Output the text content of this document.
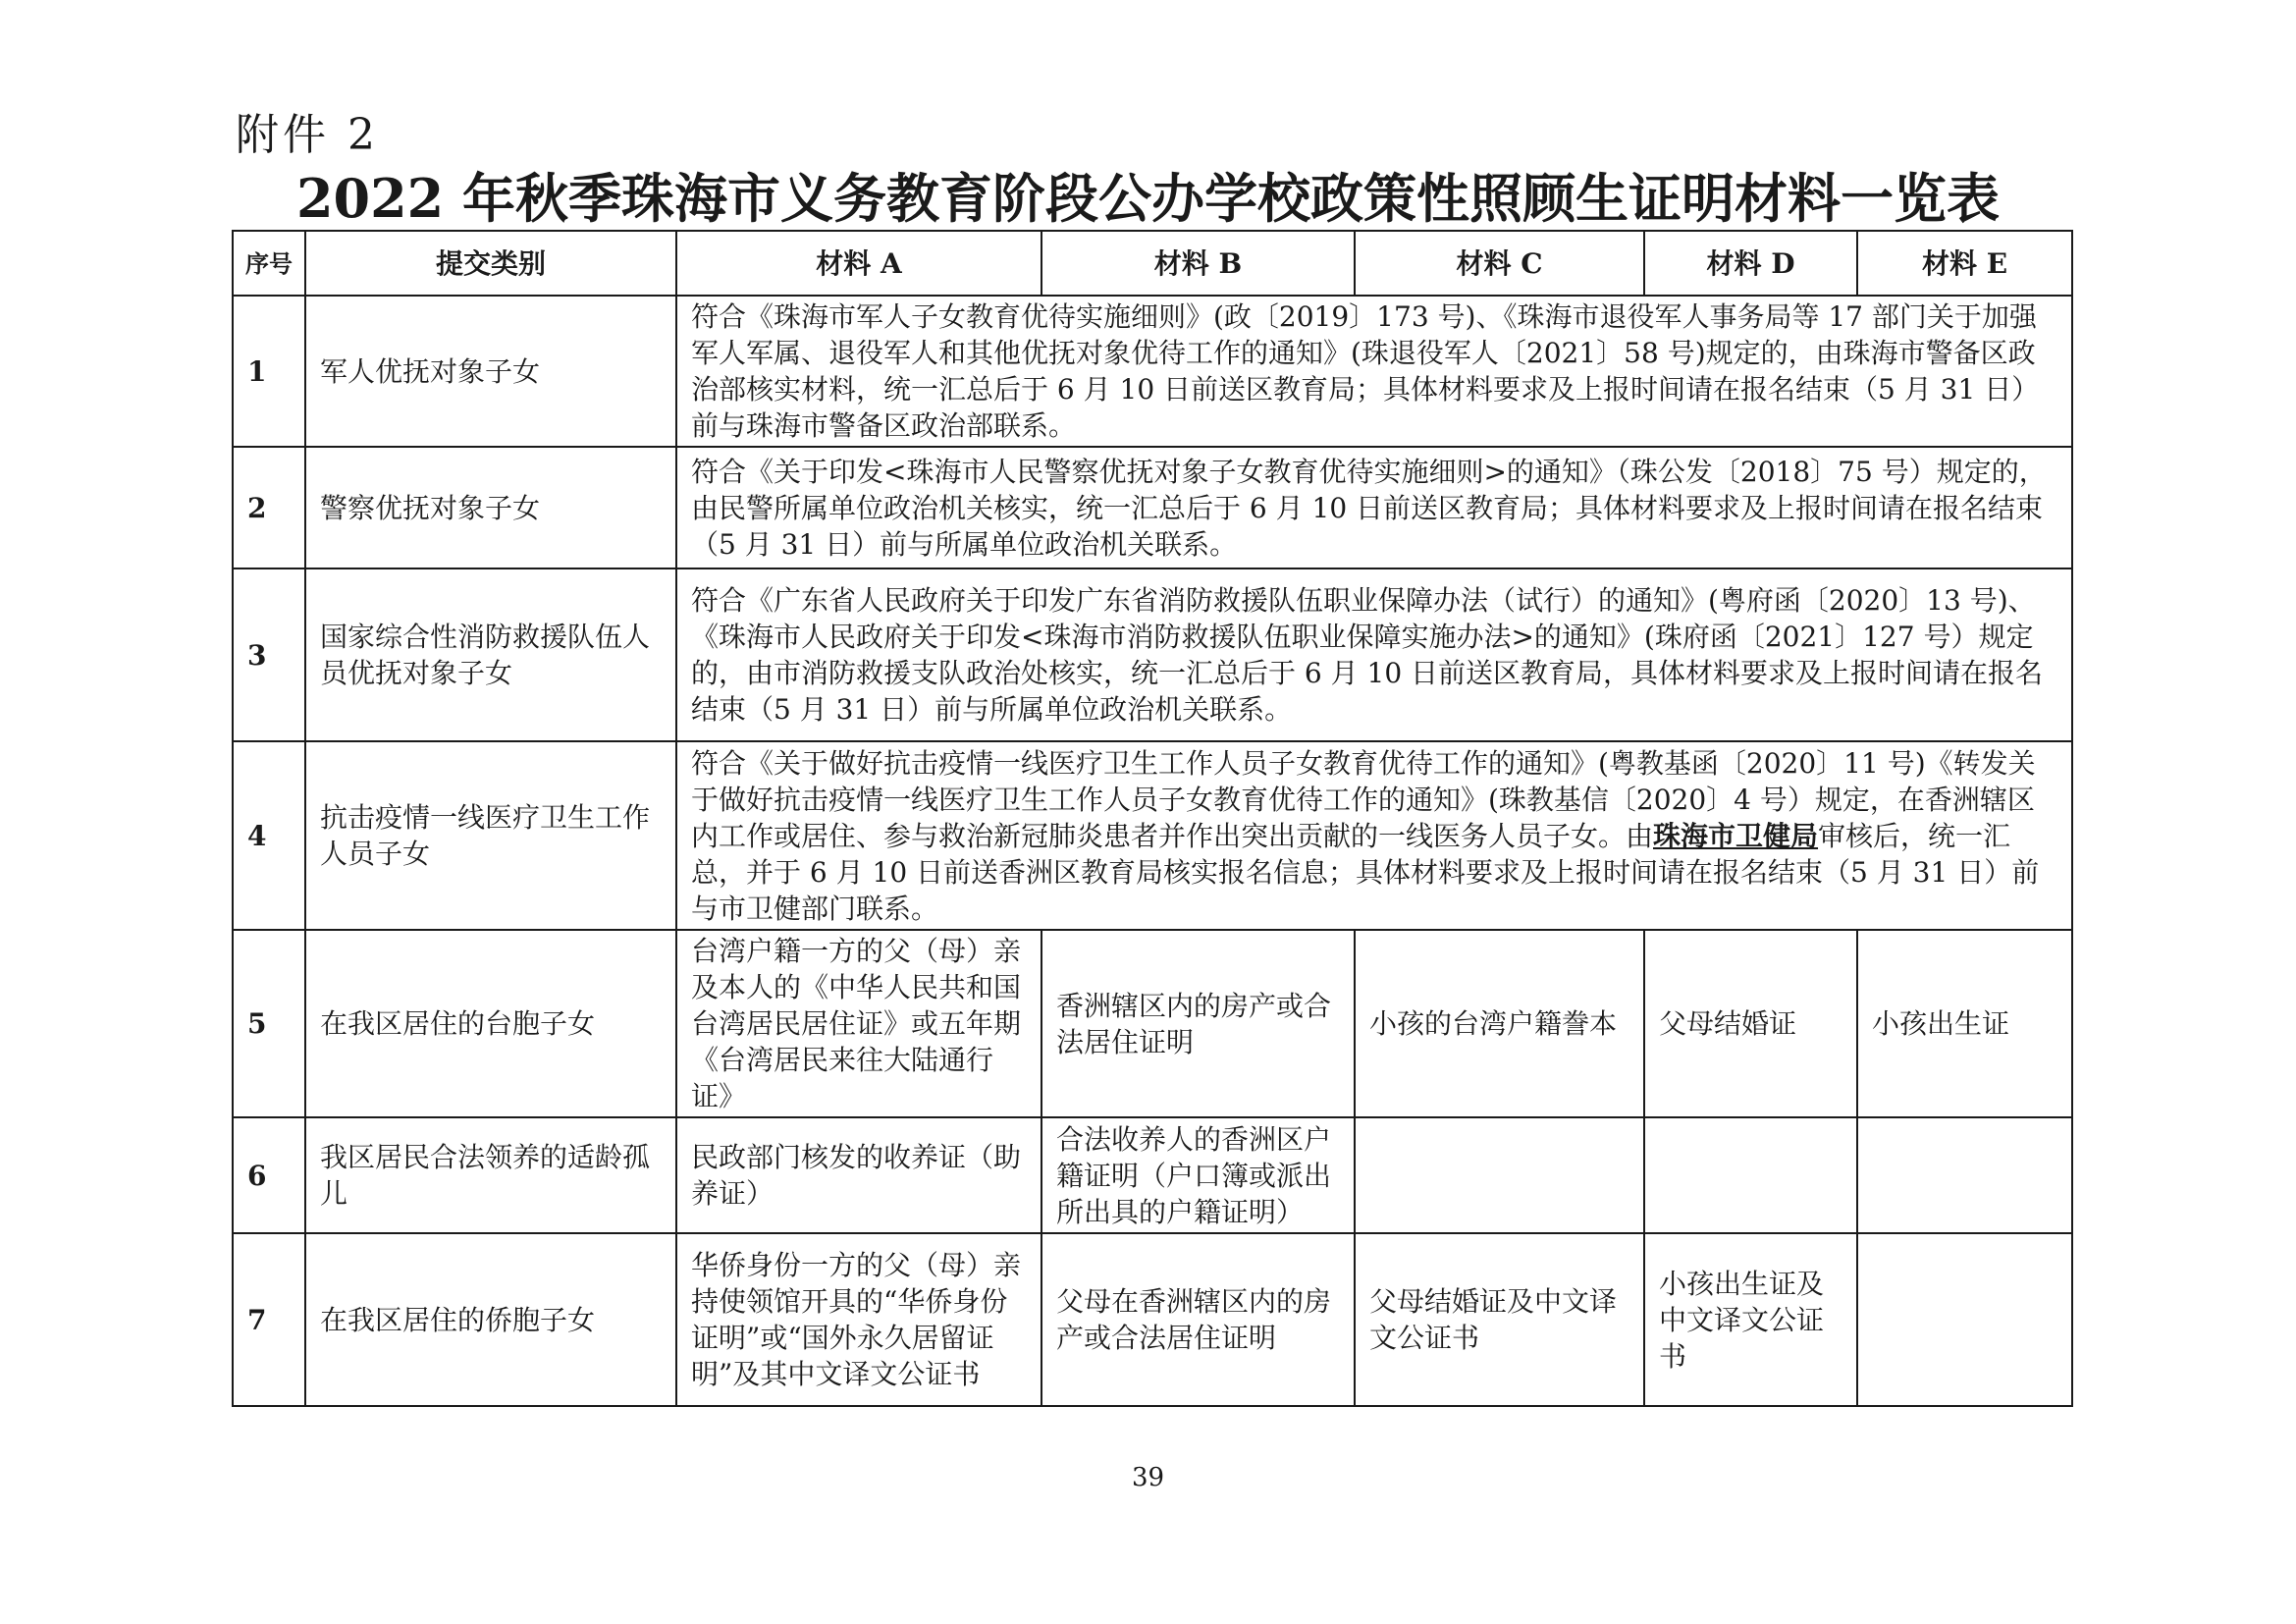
附件 2
2022 年秋季珠海市义务教育阶段公办学校政策性照顾生证明材料一览表
序号	提交类别	材料 A	材料 B	材料 C	材料 D	材料 E
1	军人优抚对象子女	符合《珠海市军人子女教育优待实施细则》(政〔2019〕173 号)、《珠海市退役军人事务局等 17 部门关于加强军人军属、退役军人和其他优抚对象优待工作的通知》(珠退役军人〔2021〕58 号)规定的，由珠海市警备区政治部核实材料，统一汇总后于 6 月 10 日前送区教育局；具体材料要求及上报时间请在报名结束（5 月 31 日）前与珠海市警备区政治部联系。				
2	警察优抚对象子女	符合《关于印发<珠海市人民警察优抚对象子女教育优待实施细则>的通知》（珠公发〔2018〕75 号）规定的，由民警所属单位政治机关核实，统一汇总后于 6 月 10 日前送区教育局；具体材料要求及上报时间请在报名结束（5 月 31 日）前与所属单位政治机关联系。				
3	国家综合性消防救援队伍人员优抚对象子女	符合《广东省人民政府关于印发广东省消防救援队伍职业保障办法（试行）的通知》(粤府函〔2020〕13 号)、《珠海市人民政府关于印发<珠海市消防救援队伍职业保障实施办法>的通知》(珠府函〔2021〕127 号）规定的，由市消防救援支队政治处核实，统一汇总后于 6 月 10 日前送区教育局，具体材料要求及上报时间请在报名结束（5 月 31 日）前与所属单位政治机关联系。				
4	抗击疫情一线医疗卫生工作人员子女	符合《关于做好抗击疫情一线医疗卫生工作人员子女教育优待工作的通知》(粤教基函〔2020〕11 号)《转发关于做好抗击疫情一线医疗卫生工作人员子女教育优待工作的通知》(珠教基信〔2020〕4 号）规定，在香洲辖区内工作或居住、参与救治新冠肺炎患者并作出突出贡献的一线医务人员子女。由珠海市卫健局审核后，统一汇总，并于 6 月 10 日前送香洲区教育局核实报名信息；具体材料要求及上报时间请在报名结束（5 月 31 日）前与市卫健部门联系。				
5	在我区居住的台胞子女	台湾户籍一方的父（母）亲及本人的《中华人民共和国台湾居民居住证》或五年期《台湾居民来往大陆通行证》	香洲辖区内的房产或合法居住证明	小孩的台湾户籍誊本	父母结婚证	小孩出生证
6	我区居民合法领养的适龄孤儿	民政部门核发的收养证（助养证）	合法收养人的香洲区户籍证明（户口簿或派出所出具的户籍证明）			
7	在我区居住的侨胞子女	华侨身份一方的父（母）亲持使领馆开具的“华侨身份证明”或“国外永久居留证明”及其中文译文公证书	父母在香洲辖区内的房产或合法居住证明	父母结婚证及中文译文公证书	小孩出生证及中文译文公证书	
39
